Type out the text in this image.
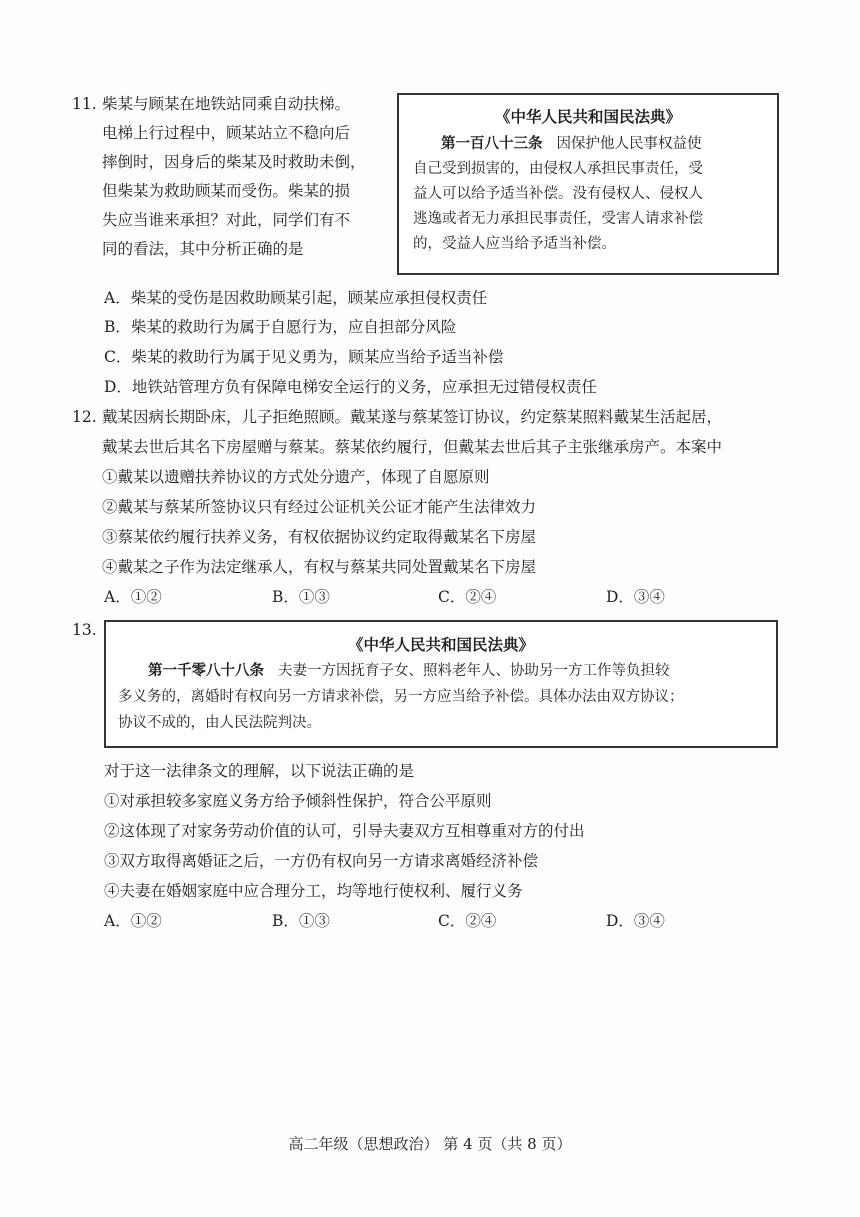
11. 柴某与顾某在地铁站同乘自动扶梯。
电梯上行过程中，顾某站立不稳向后
摔倒时，因身后的柴某及时救助未倒，
但柴某为救助顾某而受伤。柴某的损
失应当谁来承担？对此，同学们有不
同的看法，其中分析正确的是
《中华人民共和国民法典》
第一百八十三条 因保护他人民事权益使
自己受到损害的，由侵权人承担民事责任，受
益人可以给予适当补偿。没有侵权人、侵权人
逃逸或者无力承担民事责任，受害人请求补偿
的，受益人应当给予适当补偿。
A．柴某的受伤是因救助顾某引起，顾某应承担侵权责任
B．柴某的救助行为属于自愿行为，应自担部分风险
C．柴某的救助行为属于见义勇为，顾某应当给予适当补偿
D．地铁站管理方负有保障电梯安全运行的义务，应承担无过错侵权责任
12. 戴某因病长期卧床，儿子拒绝照顾。戴某遂与蔡某签订协议，约定蔡某照料戴某生活起居，
戴某去世后其名下房屋赠与蔡某。蔡某依约履行，但戴某去世后其子主张继承房产。本案中
①戴某以遗赠扶养协议的方式处分遗产，体现了自愿原则
②戴某与蔡某所签协议只有经过公证机关公证才能产生法律效力
③蔡某依约履行扶养义务，有权依据协议约定取得戴某名下房屋
④戴某之子作为法定继承人，有权与蔡某共同处置戴某名下房屋
A．①②	B．①③	C．②④	D．③④
13.
《中华人民共和国民法典》
第一千零八十八条 夫妻一方因抚育子女、照料老年人、协助另一方工作等负担较
多义务的，离婚时有权向另一方请求补偿，另一方应当给予补偿。具体办法由双方协议；
协议不成的，由人民法院判决。
对于这一法律条文的理解，以下说法正确的是
①对承担较多家庭义务方给予倾斜性保护，符合公平原则
②这体现了对家务劳动价值的认可，引导夫妻双方互相尊重对方的付出
③双方取得离婚证之后，一方仍有权向另一方请求离婚经济补偿
④夫妻在婚姻家庭中应合理分工，均等地行使权利、履行义务
A．①②	B．①③	C．②④	D．③④
高二年级（思想政治） 第 4 页（共 8 页）
